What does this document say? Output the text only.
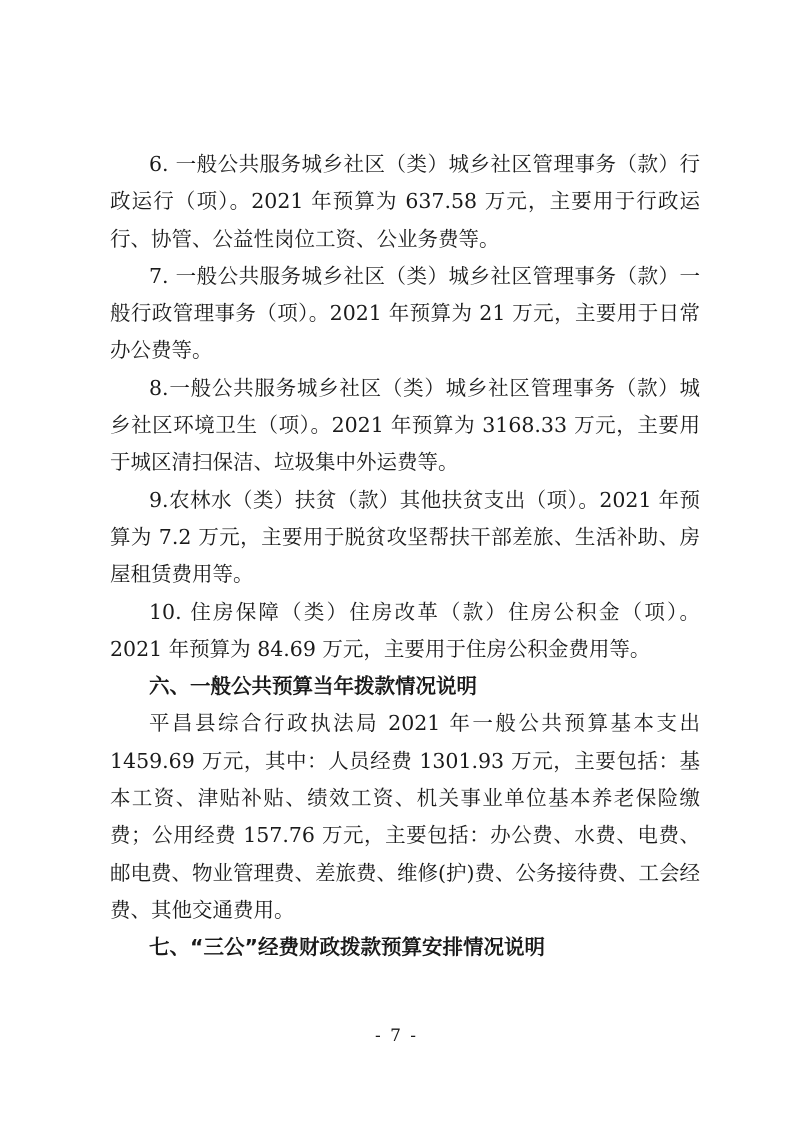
6. 一般公共服务城乡社区（类）城乡社区管理事务（款）行政运行（项）。2021 年预算为 637.58 万元，主要用于行政运行、协管、公益性岗位工资、公业务费等。

7. 一般公共服务城乡社区（类）城乡社区管理事务（款）一般行政管理事务（项）。2021 年预算为 21 万元，主要用于日常办公费等。

8.一般公共服务城乡社区（类）城乡社区管理事务（款）城乡社区环境卫生（项）。2021 年预算为 3168.33 万元，主要用于城区清扫保洁、垃圾集中外运费等。

9.农林水（类）扶贫（款）其他扶贫支出（项）。2021 年预算为 7.2 万元，主要用于脱贫攻坚帮扶干部差旅、生活补助、房屋租赁费用等。

10. 住房保障（类）住房改革（款）住房公积金（项）。2021 年预算为 84.69 万元，主要用于住房公积金费用等。

六、一般公共预算当年拨款情况说明

平昌县综合行政执法局 2021 年一般公共预算基本支出 1459.69 万元，其中：人员经费 1301.93 万元，主要包括：基本工资、津贴补贴、绩效工资、机关事业单位基本养老保险缴费；公用经费 157.76 万元，主要包括：办公费、水费、电费、邮电费、物业管理费、差旅费、维修(护)费、公务接待费、工会经费、其他交通费用。

七、“三公”经费财政拨款预算安排情况说明
- 7 -
